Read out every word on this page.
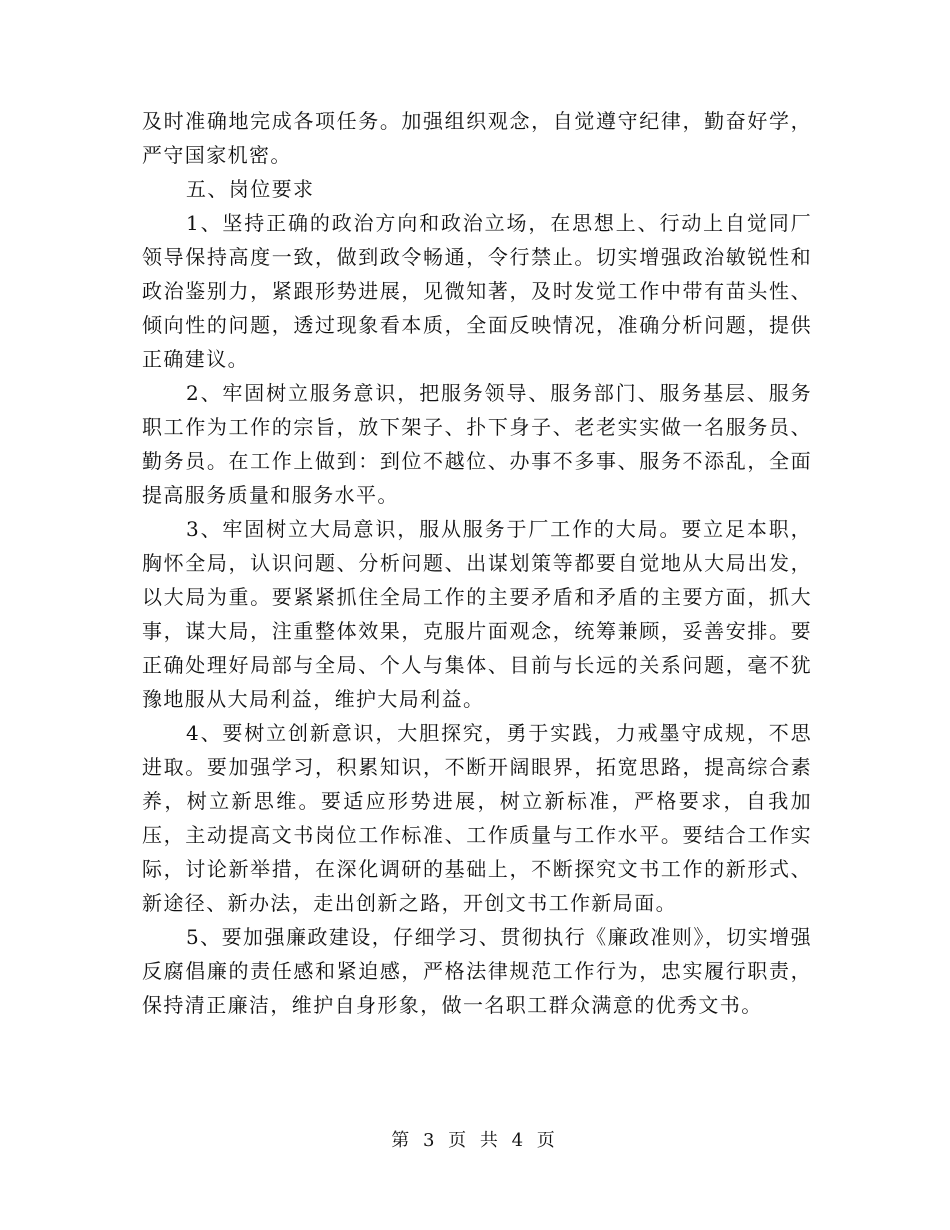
及时准确地完成各项任务。加强组织观念，自觉遵守纪律，勤奋好学，严守国家机密。

五、岗位要求

1、坚持正确的政治方向和政治立场，在思想上、行动上自觉同厂领导保持高度一致，做到政令畅通，令行禁止。切实增强政治敏锐性和政治鉴别力，紧跟形势进展，见微知著，及时发觉工作中带有苗头性、倾向性的问题，透过现象看本质，全面反映情况，准确分析问题，提供正确建议。

2、牢固树立服务意识，把服务领导、服务部门、服务基层、服务职工作为工作的宗旨，放下架子、扑下身子、老老实实做一名服务员、勤务员。在工作上做到：到位不越位、办事不多事、服务不添乱，全面提高服务质量和服务水平。

3、牢固树立大局意识，服从服务于厂工作的大局。要立足本职，胸怀全局，认识问题、分析问题、出谋划策等都要自觉地从大局出发，以大局为重。要紧紧抓住全局工作的主要矛盾和矛盾的主要方面，抓大事，谋大局，注重整体效果，克服片面观念，统筹兼顾，妥善安排。要正确处理好局部与全局、个人与集体、目前与长远的关系问题，毫不犹豫地服从大局利益，维护大局利益。

4、要树立创新意识，大胆探究，勇于实践，力戒墨守成规，不思进取。要加强学习，积累知识，不断开阔眼界，拓宽思路，提高综合素养，树立新思维。要适应形势进展，树立新标准，严格要求，自我加压，主动提高文书岗位工作标准、工作质量与工作水平。要结合工作实际，讨论新举措，在深化调研的基础上，不断探究文书工作的新形式、新途径、新办法，走出创新之路，开创文书工作新局面。

5、要加强廉政建设，仔细学习、贯彻执行《廉政准则》，切实增强反腐倡廉的责任感和紧迫感，严格法律规范工作行为，忠实履行职责，保持清正廉洁，维护自身形象，做一名职工群众满意的优秀文书。

第 3 页 共 4 页
